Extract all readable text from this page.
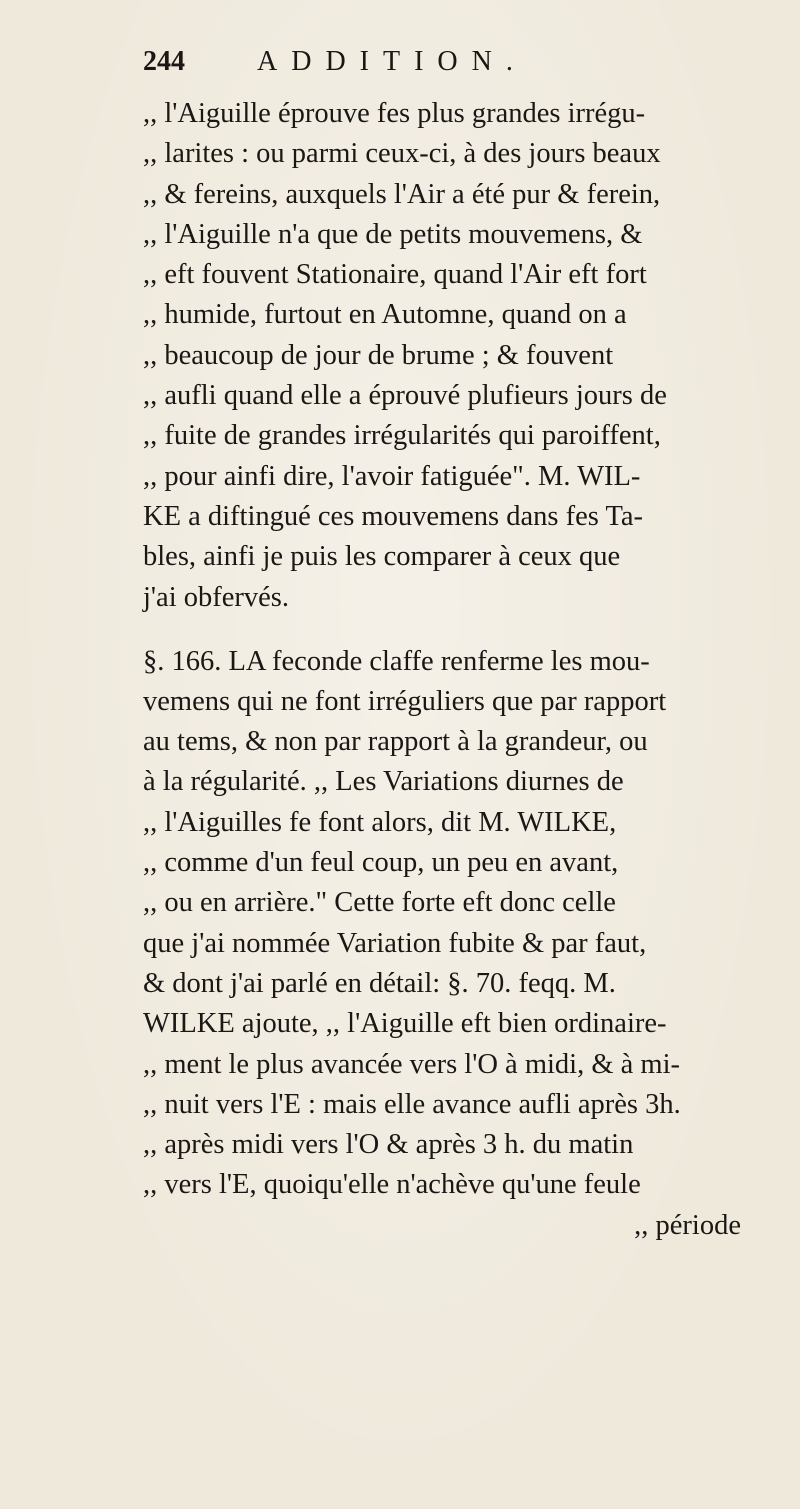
244	ADDITION.
,, l'Aiguille éprouve fes plus grandes irrégu-
,, larites : ou parmi ceux-ci, à des jours beaux
,, & fereins, auxquels l'Air a été pur & ferein,
,, l'Aiguille n'a que de petits mouvemens, &
,, eft fouvent Stationaire, quand l'Air eft fort
,, humide, furtout en Automne, quand on a
,, beaucoup de jour de brume ; & fouvent
,, aufli quand elle a éprouvé plufieurs jours de
,, fuite de grandes irrégularités qui paroiffent,
,, pour ainfi dire, l'avoir fatiguée". M. WIL-
KE a diftingué ces mouvemens dans fes Ta-
bles, ainfi je puis les comparer à ceux que
j'ai obfervés.
§. 166. LA feconde claffe renferme les mou-
vemens qui ne font irréguliers que par rapport
au tems, & non par rapport à la grandeur, ou
à la régularité. ,, Les Variations diurnes de
,, l'Aiguilles fe font alors, dit M. WILKE,
,, comme d'un feul coup, un peu en avant,
,, ou en arrière." Cette forte eft donc celle
que j'ai nommée Variation fubite & par faut,
& dont j'ai parlé en détail: §. 70. feqq. M.
WILKE ajoute, ,, l'Aiguille eft bien ordinaire-
,, ment le plus avancée vers l'O à midi, & à mi-
,, nuit vers l'E : mais elle avance aufli après 3h.
,, après midi vers l'O & après 3 h. du matin
,, vers l'E, quoiqu'elle n'achève qu'une feule
,, période
